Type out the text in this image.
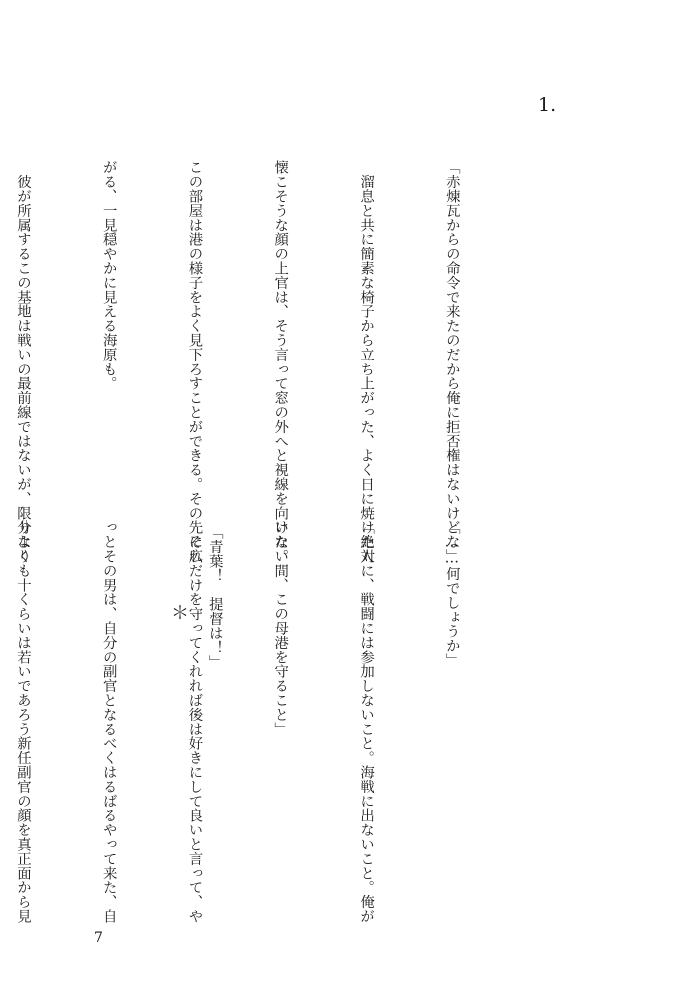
1.

「赤煉瓦からの命令で来たのだから俺に拒否権はないけどな」

　溜息と共に簡素な椅子から立ち上がった、よく日に焼けた人

懐こそうな顔の上官は、そう言って窓の外へと視線を向けた。

この部屋は港の様子をよく見下ろすことができる。その先に広

がる、一見穏やかに見える海原も。

　彼が所属するこの基地は戦いの最前線ではないが、限りなく

「……何でしょうか」

「絶対に、戦闘には参加しないこと。海戦に出ないこと。俺が

いない間、この母港を守ること」

　それだけを守ってくれれば後は好きにして良いと言って、や

っとその男は、自分の副官となるべくはるばるやって来た、自

分よりも十くらいは若いであろう新任副官の顔を真正面から見

	＊

	「青葉！　提督は！」

7
